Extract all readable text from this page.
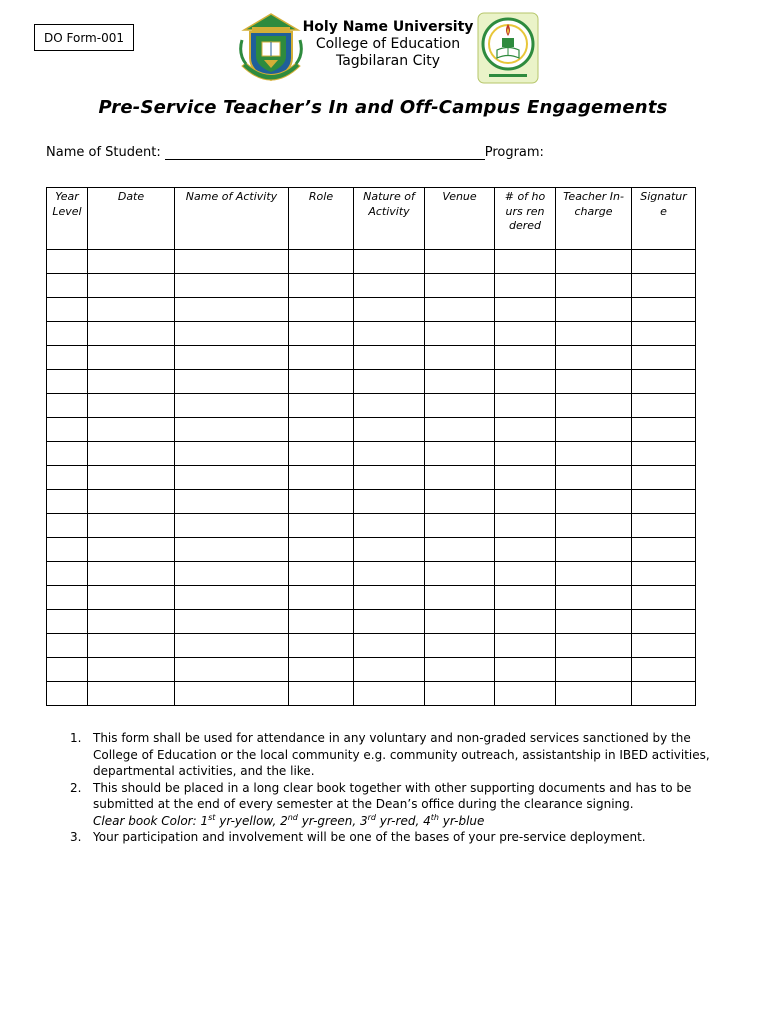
DO Form-001
Holy Name University
College of Education
Tagbilaran City
Pre-Service Teacher’s In and Off-Campus Engagements
Name of Student:	Program:
Year Level	Date	Name of Activity	Role	Nature of Activity	Venue	# of hours rendered	Teacher In-charge	Signature

1. This form shall be used for attendance in any voluntary and non-graded services sanctioned by the College of Education or the local community e.g. community outreach, assistantship in IBED activities, departmental activities, and the like.
2. This should be placed in a long clear book together with other supporting documents and has to be submitted at the end of every semester at the Dean’s office during the clearance signing.
Clear book Color: 1st yr-yellow, 2nd yr-green, 3rd yr-red, 4th yr-blue
3. Your participation and involvement will be one of the bases of your pre-service deployment.
